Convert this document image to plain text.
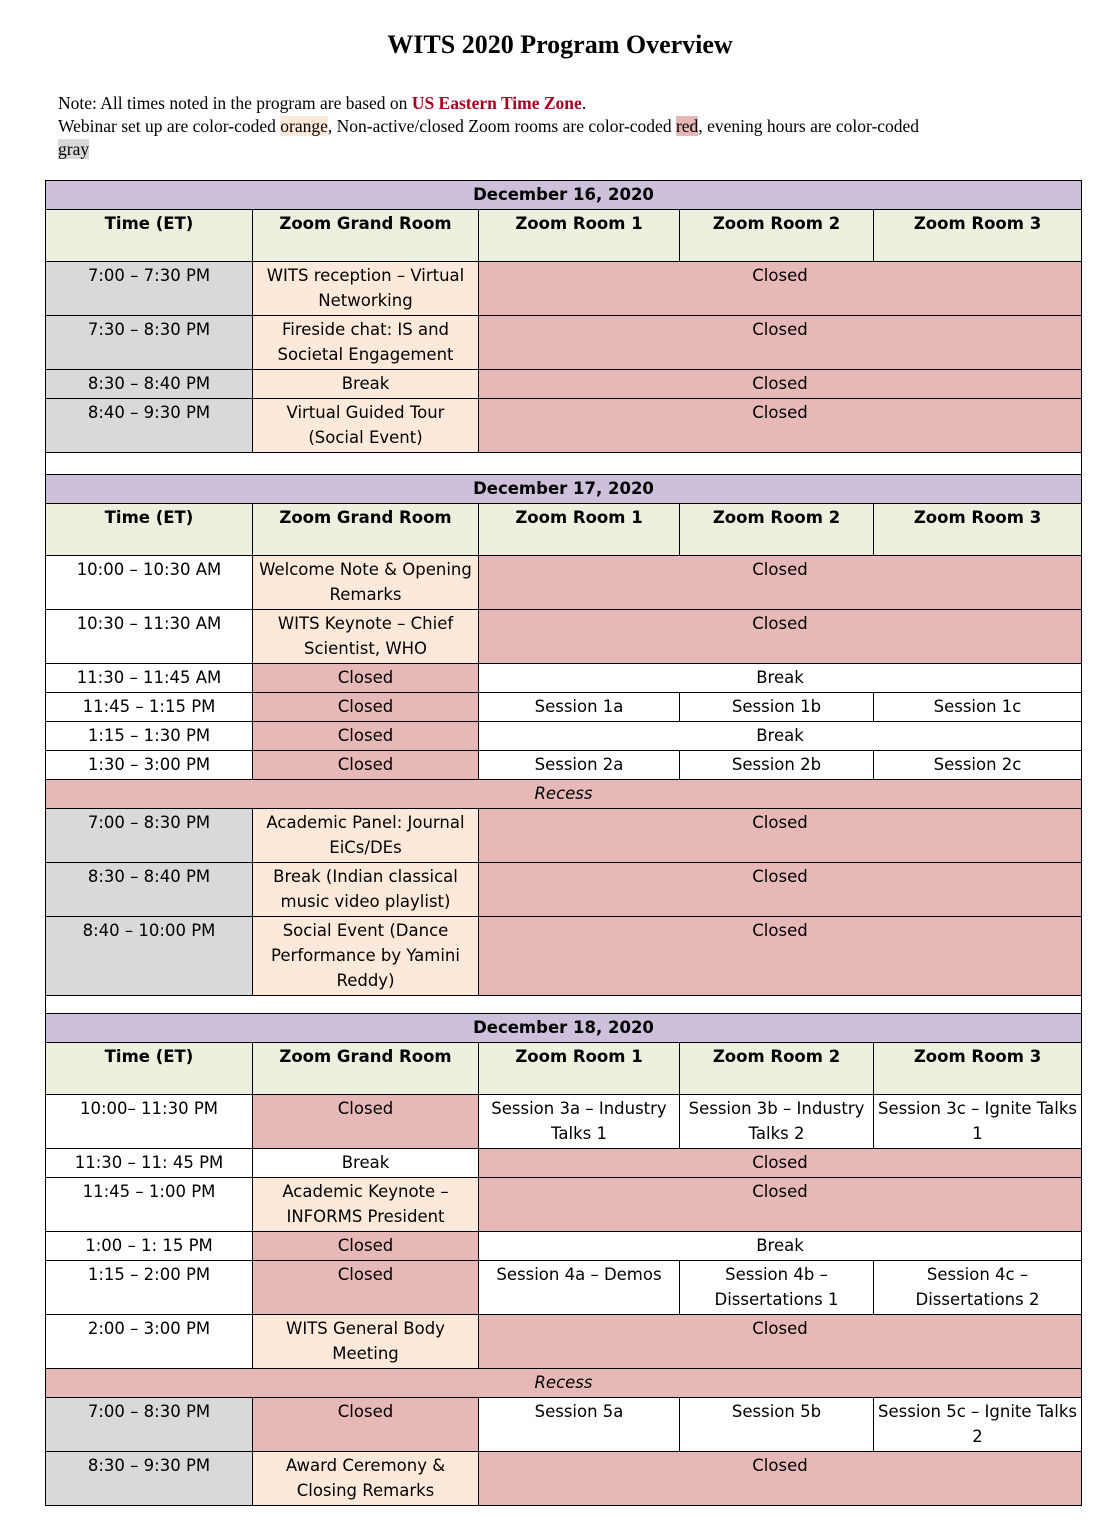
WITS 2020 Program Overview
Note: All times noted in the program are based on US Eastern Time Zone.
Webinar set up are color-coded orange, Non-active/closed Zoom rooms are color-coded red, evening hours are color-coded
gray
December 16, 2020				
Time (ET)	Zoom Grand Room	Zoom Room 1	Zoom Room 2	Zoom Room 3
7:00 – 7:30 PM	WITS reception – Virtual Networking	Closed		
7:30 – 8:30 PM	Fireside chat: IS and Societal Engagement	Closed		
8:30 – 8:40 PM	Break	Closed		
8:40 – 9:30 PM	Virtual Guided Tour (Social Event)	Closed		

December 17, 2020				
Time (ET)	Zoom Grand Room	Zoom Room 1	Zoom Room 2	Zoom Room 3
10:00 – 10:30 AM	Welcome Note & Opening Remarks	Closed		
10:30 – 11:30 AM	WITS Keynote – Chief Scientist, WHO	Closed		
11:30 – 11:45 AM	Closed	Break		
11:45 – 1:15 PM	Closed	Session 1a	Session 1b	Session 1c
1:15 – 1:30 PM	Closed	Break		
1:30 – 3:00 PM	Closed	Session 2a	Session 2b	Session 2c
Recess				
7:00 – 8:30 PM	Academic Panel: Journal EiCs/DEs	Closed		
8:30 – 8:40 PM	Break (Indian classical music video playlist)	Closed		
8:40 – 10:00 PM	Social Event (Dance Performance by Yamini Reddy)	Closed		

December 18, 2020				
Time (ET)	Zoom Grand Room	Zoom Room 1	Zoom Room 2	Zoom Room 3
10:00– 11:30 PM	Closed	Session 3a – Industry Talks 1	Session 3b – Industry Talks 2	Session 3c – Ignite Talks 1
11:30 – 11: 45 PM	Break	Closed		
11:45 – 1:00 PM	Academic Keynote – INFORMS President	Closed		
1:00 – 1: 15 PM	Closed	Break		
1:15 – 2:00 PM	Closed	Session 4a – Demos	Session 4b – Dissertations 1	Session 4c – Dissertations 2
2:00 – 3:00 PM	WITS General Body Meeting	Closed		
Recess				
7:00 – 8:30 PM	Closed	Session 5a	Session 5b	Session 5c – Ignite Talks 2
8:30 – 9:30 PM	Award Ceremony & Closing Remarks	Closed		
